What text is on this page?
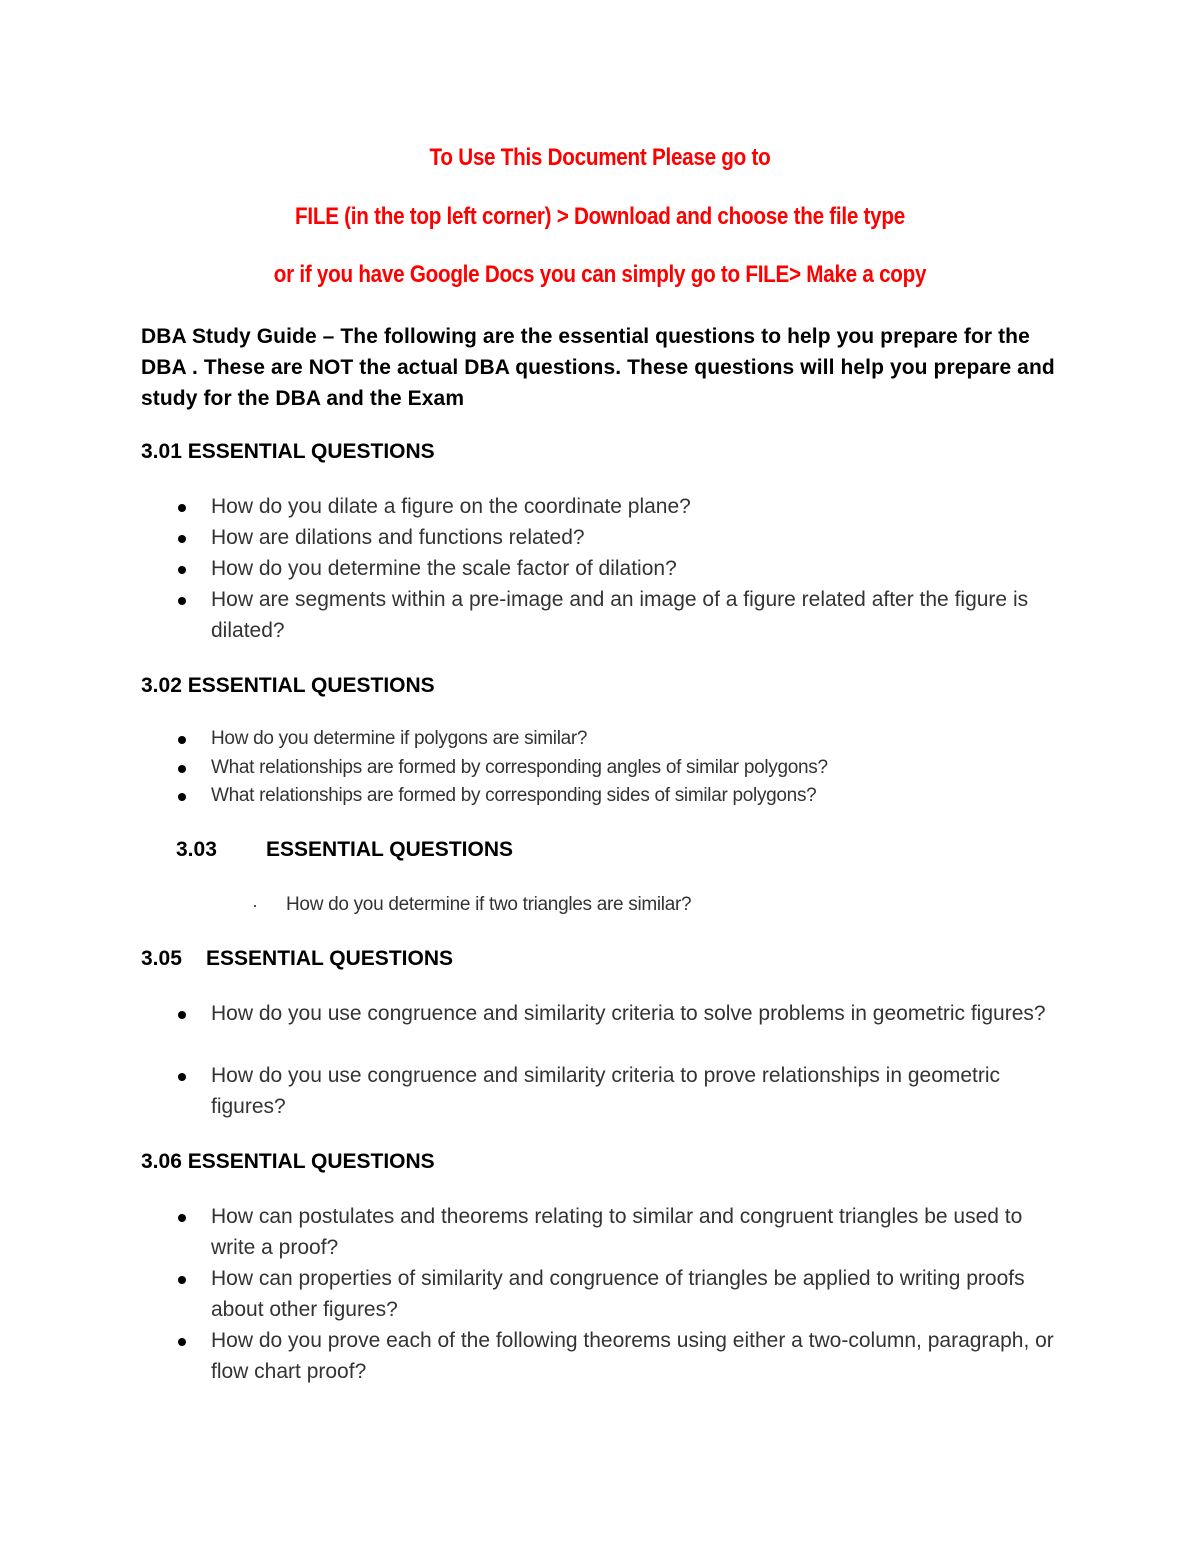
To Use This Document Please go to
FILE (in the top left corner) > Download and choose the file type
or if you have Google Docs you can simply go to FILE> Make a copy
DBA Study Guide – The following are the essential questions to help you prepare for the DBA . These are NOT the actual DBA questions. These questions will help you prepare and study for the DBA and the Exam
3.01 ESSENTIAL QUESTIONS
How do you dilate a figure on the coordinate plane?
How are dilations and functions related?
How do you determine the scale factor of dilation?
How are segments within a pre-image and an image of a figure related after the figure is dilated?
3.02 ESSENTIAL QUESTIONS
How do you determine if polygons are similar?
What relationships are formed by corresponding angles of similar polygons?
What relationships are formed by corresponding sides of similar polygons?
3.03 ESSENTIAL QUESTIONS
How do you determine if two triangles are similar?
3.05 ESSENTIAL QUESTIONS
How do you use congruence and similarity criteria to solve problems in geometric figures?
How do you use congruence and similarity criteria to prove relationships in geometric figures?
3.06 ESSENTIAL QUESTIONS
How can postulates and theorems relating to similar and congruent triangles be used to write a proof?
How can properties of similarity and congruence of triangles be applied to writing proofs about other figures?
How do you prove each of the following theorems using either a two-column, paragraph, or flow chart proof?
